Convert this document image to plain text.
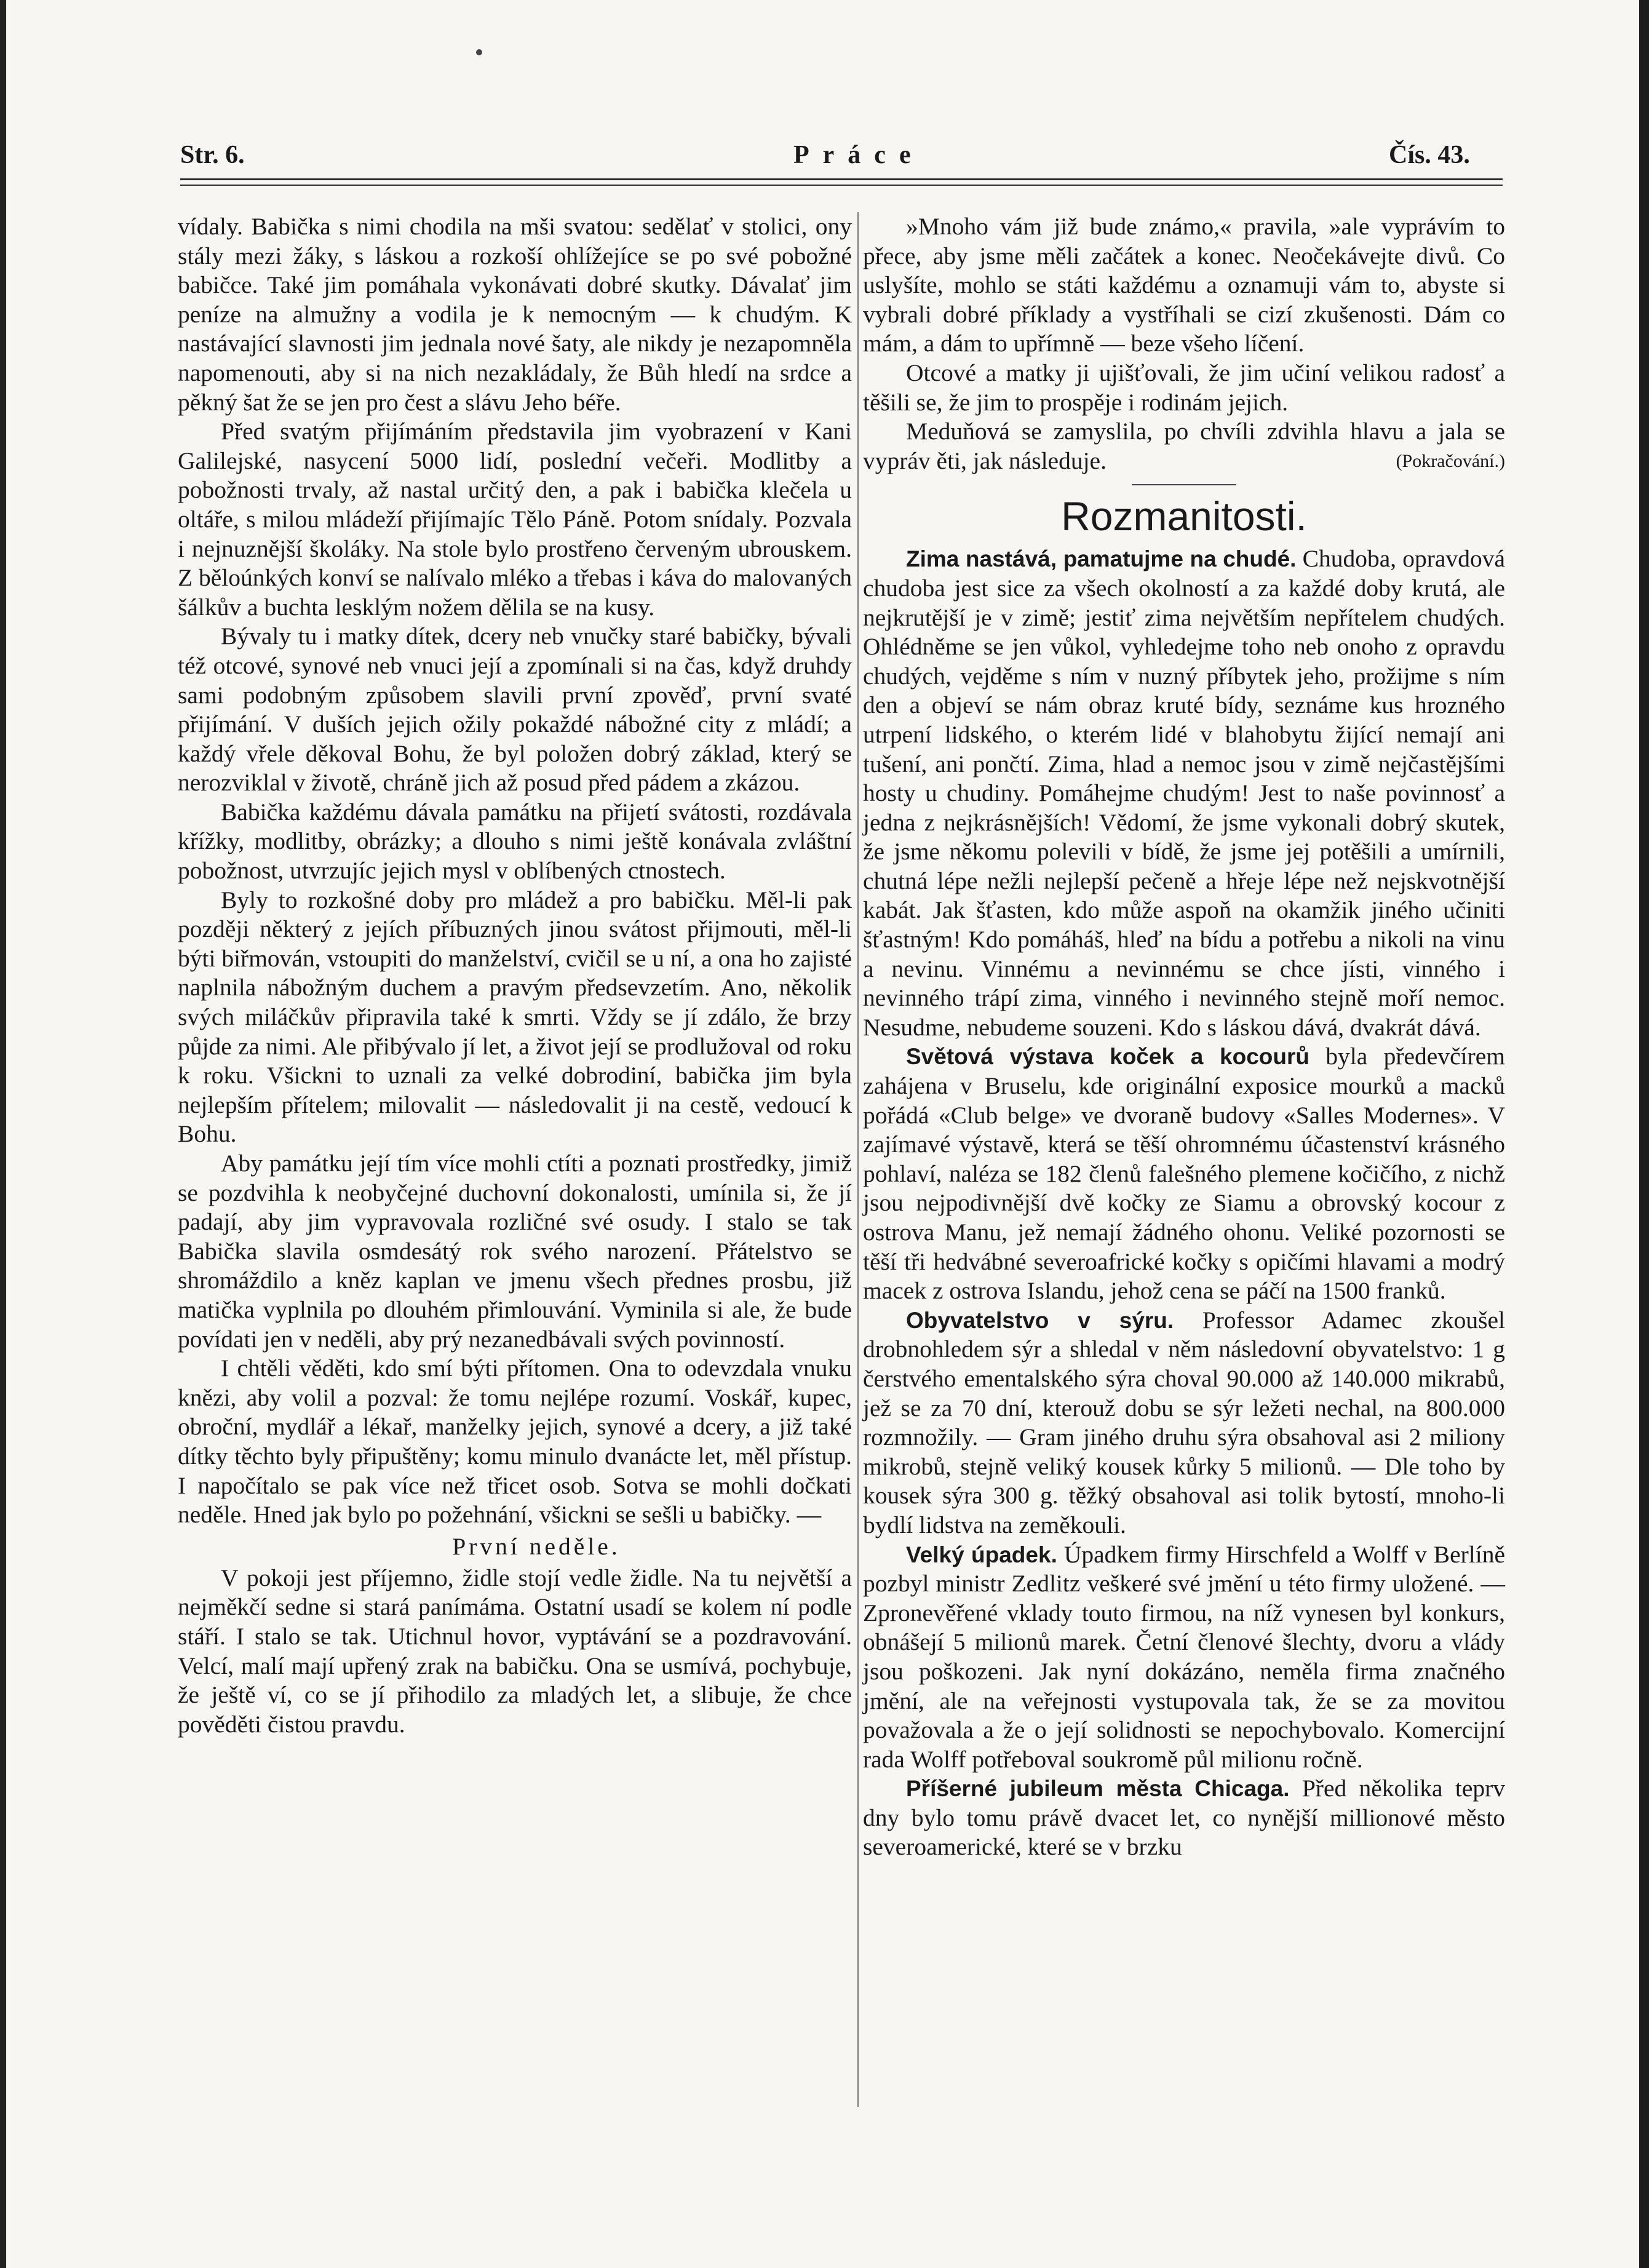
Str. 6.	Práce	Čís. 43.

vídaly. Babička s nimi chodila na mši svatou: sedělať v stolici, ony stály mezi žáky, s láskou a rozkoší ohlížejíce se po své pobožné babičce. Také jim pomáhala vykonávati dobré skutky. Dávalať jim peníze na almužny a vodila je k nemocným — k chudým. K nastávající slavnosti jim jednala nové šaty, ale nikdy je nezapomněla napomenouti, aby si na nich nezakládaly, že Bůh hledí na srdce a pěkný šat že se jen pro čest a slávu Jeho béře.

Před svatým přijímáním představila jim vyobrazení v Kani Galilejské, nasycení 5000 lidí, poslední večeři. Modlitby a pobožnosti trvaly, až nastal určitý den, a pak i babička klečela u oltáře, s milou mládeží přijímajíc Tělo Páně. Potom snídaly. Pozvala i nejnuznější školáky. Na stole bylo prostřeno červeným ubrouskem. Z běloúnkých konví se nalívalo mléko a třebas i káva do malovaných šálkův a buchta lesklým nožem dělila se na kusy.

Bývaly tu i matky dítek, dcery neb vnučky staré babičky, bývali též otcové, synové neb vnuci její a zpomínali si na čas, když druhdy sami podobným způsobem slavili první zpověď, první svaté přijímání. V duších jejich ožily pokaždé nábožné city z mládí; a každý vřele děkoval Bohu, že byl položen dobrý základ, který se nerozviklal v životě, chráně jich až posud před pádem a zkázou.

Babička každému dávala památku na přijetí svátosti, rozdávala křížky, modlitby, obrázky; a dlouho s nimi ještě konávala zvláštní pobožnost, utvrzujíc jejich mysl v oblíbených ctnostech.

Byly to rozkošné doby pro mládež a pro babičku. Měl-li pak později některý z jejích příbuzných jinou svátost přijmouti, měl-li býti biřmován, vstoupiti do manželství, cvičil se u ní, a ona ho zajisté naplnila nábožným duchem a pravým předsevzetím. Ano, několik svých miláčkův připravila také k smrti. Vždy se jí zdálo, že brzy půjde za nimi. Ale přibývalo jí let, a život její se prodlužoval od roku k roku. Všickni to uznali za velké dobrodiní, babička jim byla nejlepším přítelem; milovalit — následovalit ji na cestě, vedoucí k Bohu.

Aby památku její tím více mohli ctíti a poznati prostředky, jimiž se pozdvihla k neobyčejné duchovní dokonalosti, umínila si, že jí padají, aby jim vypravovala rozličné své osudy. I stalo se tak Babička slavila osmdesátý rok svého narození. Přátelstvo se shromáždilo a kněz kaplan ve jmenu všech přednes prosbu, již matička vyplnila po dlouhém přimlouvání. Vyminila si ale, že bude povídati jen v neděli, aby prý nezanedbávali svých povinností.

I chtěli věděti, kdo smí býti přítomen. Ona to odevzdala vnuku knězi, aby volil a pozval: že tomu nejlépe rozumí. Voskář, kupec, obroční, mydlář a lékař, manželky jejich, synové a dcery, a již také dítky těchto byly připuštěny; komu minulo dvanácte let, měl přístup. I napočítalo se pak více než třicet osob. Sotva se mohli dočkati neděle. Hned jak bylo po požehnání, všickni se sešli u babičky. —

První neděle.

V pokoji jest příjemno, židle stojí vedle židle. Na tu největší a nejměkčí sedne si stará panímáma. Ostatní usadí se kolem ní podle stáří. I stalo se tak. Utichnul hovor, vyptávání se a pozdravování. Velcí, malí mají upřený zrak na babičku. Ona se usmívá, pochybuje, že ještě ví, co se jí přihodilo za mladých let, a slibuje, že chce pověděti čistou pravdu.

»Mnoho vám již bude známo,« pravila, »ale vyprávím to přece, aby jsme měli začátek a konec. Neočekávejte divů. Co uslyšíte, mohlo se státi každému a oznamuji vám to, abyste si vybrali dobré příklady a vystříhali se cizí zkušenosti. Dám co mám, a dám to upřímně — beze všeho líčení.

Otcové a matky ji ujišťovali, že jim učiní velikou radosť a těšili se, že jim to prospěje i rodinám jejich.

Meduňová se zamyslila, po chvíli zdvihla hlavu a jala se vypráv ěti, jak následuje.	(Pokračování.)

Rozmanitosti.

Zima nastává, pamatujme na chudé. Chudoba, opravdová chudoba jest sice za všech okolností a za každé doby krutá, ale nejkrutější je v zimě; jestiť zima největším nepřítelem chudých. Ohlédněme se jen vůkol, vyhledejme toho neb onoho z opravdu chudých, vejděme s ním v nuzný příbytek jeho, prožijme s ním den a objeví se nám obraz kruté bídy, seznáme kus hrozného utrpení lidského, o kterém lidé v blahobytu žijící nemají ani tušení, ani pončtí. Zima, hlad a nemoc jsou v zimě nejčastějšími hosty u chudiny. Pomáhejme chudým! Jest to naše povinnosť a jedna z nejkrásnějších! Vědomí, že jsme vykonali dobrý skutek, že jsme někomu polevili v bídě, že jsme jej potěšili a umírnili, chutná lépe nežli nejlepší pečeně a hřeje lépe než nejskvotnější kabát. Jak šťasten, kdo může aspoň na okamžik jiného učiniti šťastným! Kdo pomáháš, hleď na bídu a potřebu a nikoli na vinu a nevinu. Vinnému a nevinnému se chce jísti, vinného i nevinného trápí zima, vinného i nevinného stejně moří nemoc. Nesudme, nebudeme souzeni. Kdo s láskou dává, dvakrát dává.

Světová výstava koček a kocourů byla předevčírem zahájena v Bruselu, kde originální exposice mourků a macků pořádá «Club belge» ve dvoraně budovy «Salles Modernes». V zajímavé výstavě, která se těší ohromnému účastenství krásného pohlaví, naléza se 182 členů falešného plemene kočičího, z nichž jsou nejpodivnější dvě kočky ze Siamu a obrovský kocour z ostrova Manu, jež nemají žádného ohonu. Veliké pozornosti se těší tři hedvábné severoafrické kočky s opičími hlavami a modrý macek z ostrova Islandu, jehož cena se páčí na 1500 franků.

Obyvatelstvo v sýru. Professor Adamec zkoušel drobnohledem sýr a shledal v něm následovní obyvatelstvo: 1 g čerstvého ementalského sýra choval 90.000 až 140.000 mikrabů, jež se za 70 dní, kterouž dobu se sýr ležeti nechal, na 800.000 rozmnožily. — Gram jiného druhu sýra obsahoval asi 2 miliony mikrobů, stejně veliký kousek kůrky 5 milionů. — Dle toho by kousek sýra 300 g. těžký obsahoval asi tolik bytostí, mnoho-li bydlí lidstva na zeměkouli.

Velký úpadek. Úpadkem firmy Hirschfeld a Wolff v Berlíně pozbyl ministr Zedlitz veškeré své jmění u této firmy uložené. — Zpronevěřené vklady touto firmou, na níž vynesen byl konkurs, obnášejí 5 milionů marek. Četní členové šlechty, dvoru a vlády jsou poškozeni. Jak nyní dokázáno, neměla firma značného jmění, ale na veřejnosti vystupovala tak, že se za movitou považovala a že o její solidnosti se nepochybovalo. Komercijní rada Wolff potřeboval soukromě půl milionu ročně.

Příšerné jubileum města Chicaga. Před několika teprv dny bylo tomu právě dvacet let, co nynější millionové město severoamerické, které se v brzku
